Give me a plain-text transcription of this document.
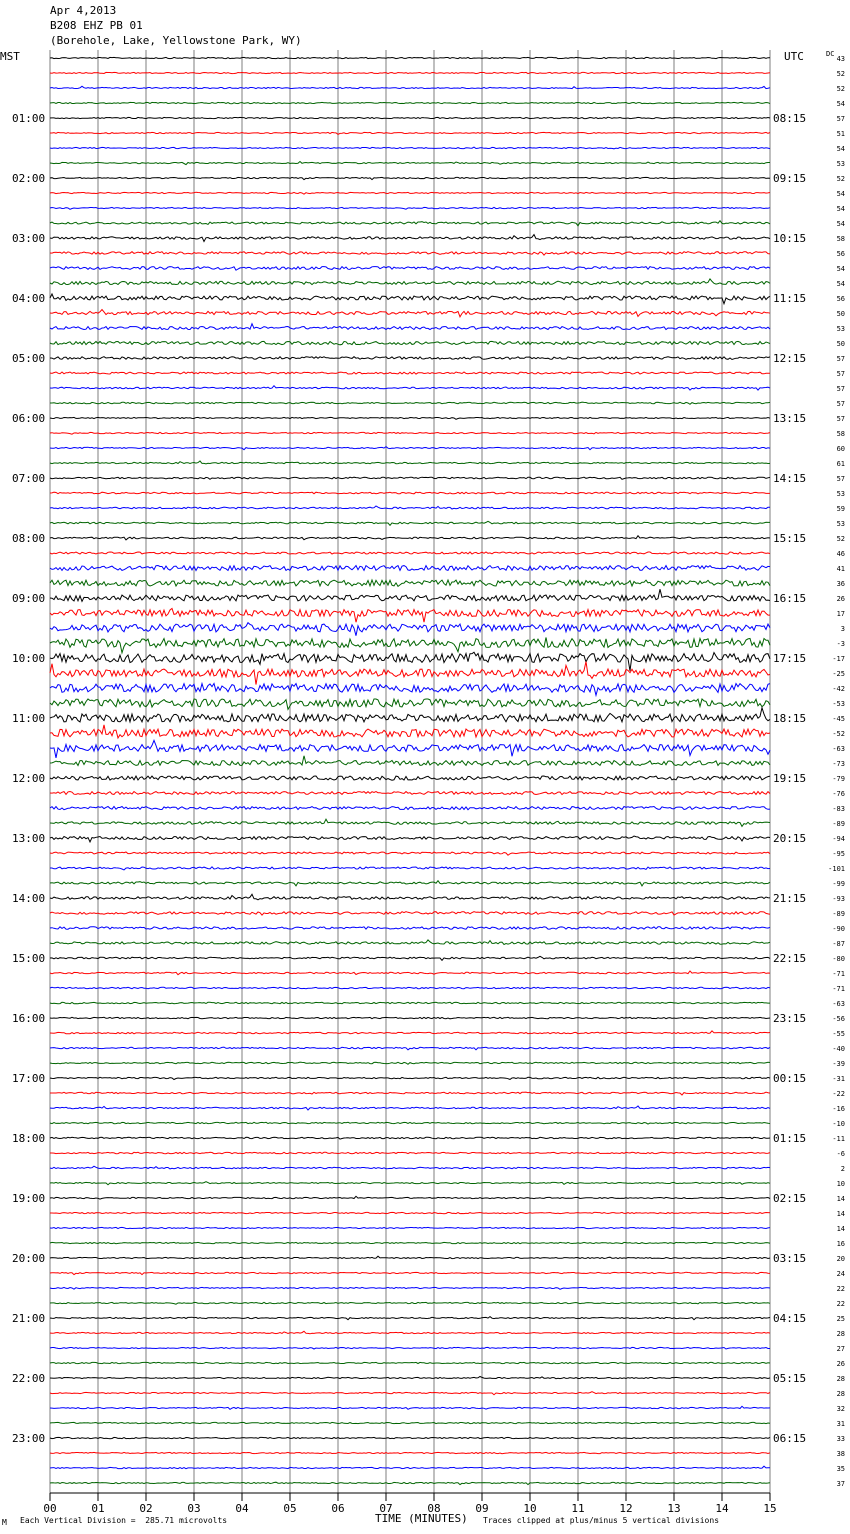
Apr 4,2013
B208 EHZ PB 01
(Borehole, Lake, Yellowstone Park, WY)
MST	UTC	DC
00	01	02	03	04	05	06	07	08	09	10	11	12	13	14	15
43
52
52
54
57
51
54
53
52
54
54
54
58
56
54
54
56
50
53
50
57
57
57
57
57
58
60
61
57
53
59
53
52
46
41
36
26
17
3
-3
-17
-25
-42
-53
-45
-52
-63
-73
-79
-76
-83
-89
-94
-95
-101
-99
-93
-89
-90
-87
-80
-71
-71
-63
-56
-55
-40
-39
-31
-22
-16
-10
-11
-6
2
10
14
14
14
16
20
24
22
22
25
28
27
26
28
28
32
31
33
38
35
37
01:00	08:15
02:00	09:15
03:00	10:15
04:00	11:15
05:00	12:15
06:00	13:15
07:00	14:15
08:00	15:15
09:00	16:15
10:00	17:15
11:00	18:15
12:00	19:15
13:00	20:15
14:00	21:15
15:00	22:15
16:00	23:15
17:00	00:15
18:00	01:15
19:00	02:15
20:00	03:15
21:00	04:15
22:00	05:15
23:00	06:15
M Each Vertical Division =  285.71 microvolts	TIME (MINUTES) Traces clipped at plus/minus 5 vertical divisions
